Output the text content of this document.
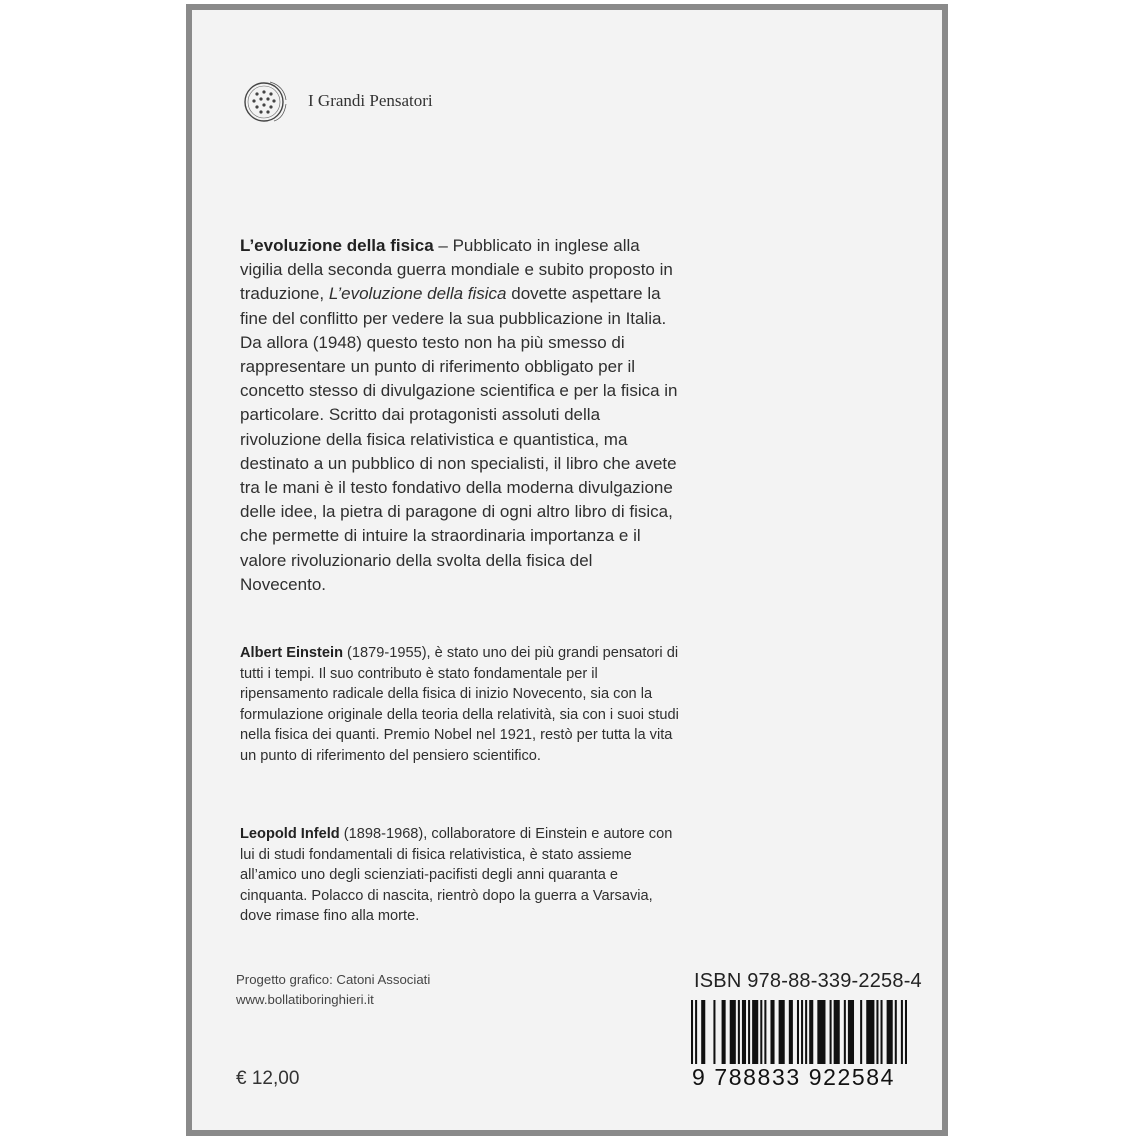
I Grandi Pensatori
L’evoluzione della fisica – Pubblicato in inglese alla vigilia della seconda guerra mondiale e subito proposto in traduzione, L’evoluzione della fisica dovette aspettare la fine del conflitto per vedere la sua pubblicazione in Italia. Da allora (1948) questo testo non ha più smesso di rappresentare un punto di riferimento obbligato per il concetto stesso di divulgazione scientifica e per la fisica in particolare. Scritto dai protagonisti assoluti della rivoluzione della fisica relativistica e quantistica, ma destinato a un pubblico di non specialisti, il libro che avete tra le mani è il testo fondativo della moderna divulgazione delle idee, la pietra di paragone di ogni altro libro di fisica, che permette di intuire la straordinaria importanza e il valore rivoluzionario della svolta della fisica del Novecento.
Albert Einstein (1879-1955), è stato uno dei più grandi pensatori di tutti i tempi. Il suo contributo è stato fondamentale per il ripensamento radicale della fisica di inizio Novecento, sia con la formulazione originale della teoria della relatività, sia con i suoi studi nella fisica dei quanti. Premio Nobel nel 1921, restò per tutta la vita un punto di riferimento del pensiero scientifico.
Leopold Infeld (1898-1968), collaboratore di Einstein e autore con lui di studi fondamentali di fisica relativistica, è stato assieme all’amico uno degli scienziati-pacifisti degli anni quaranta e cinquanta. Polacco di nascita, rientrò dopo la guerra a Varsavia, dove rimase fino alla morte.
Progetto grafico: Catoni Associati
www.bollatiboringhieri.it
€ 12,00
ISBN 978-88-339-2258-4
9 788833 922584
